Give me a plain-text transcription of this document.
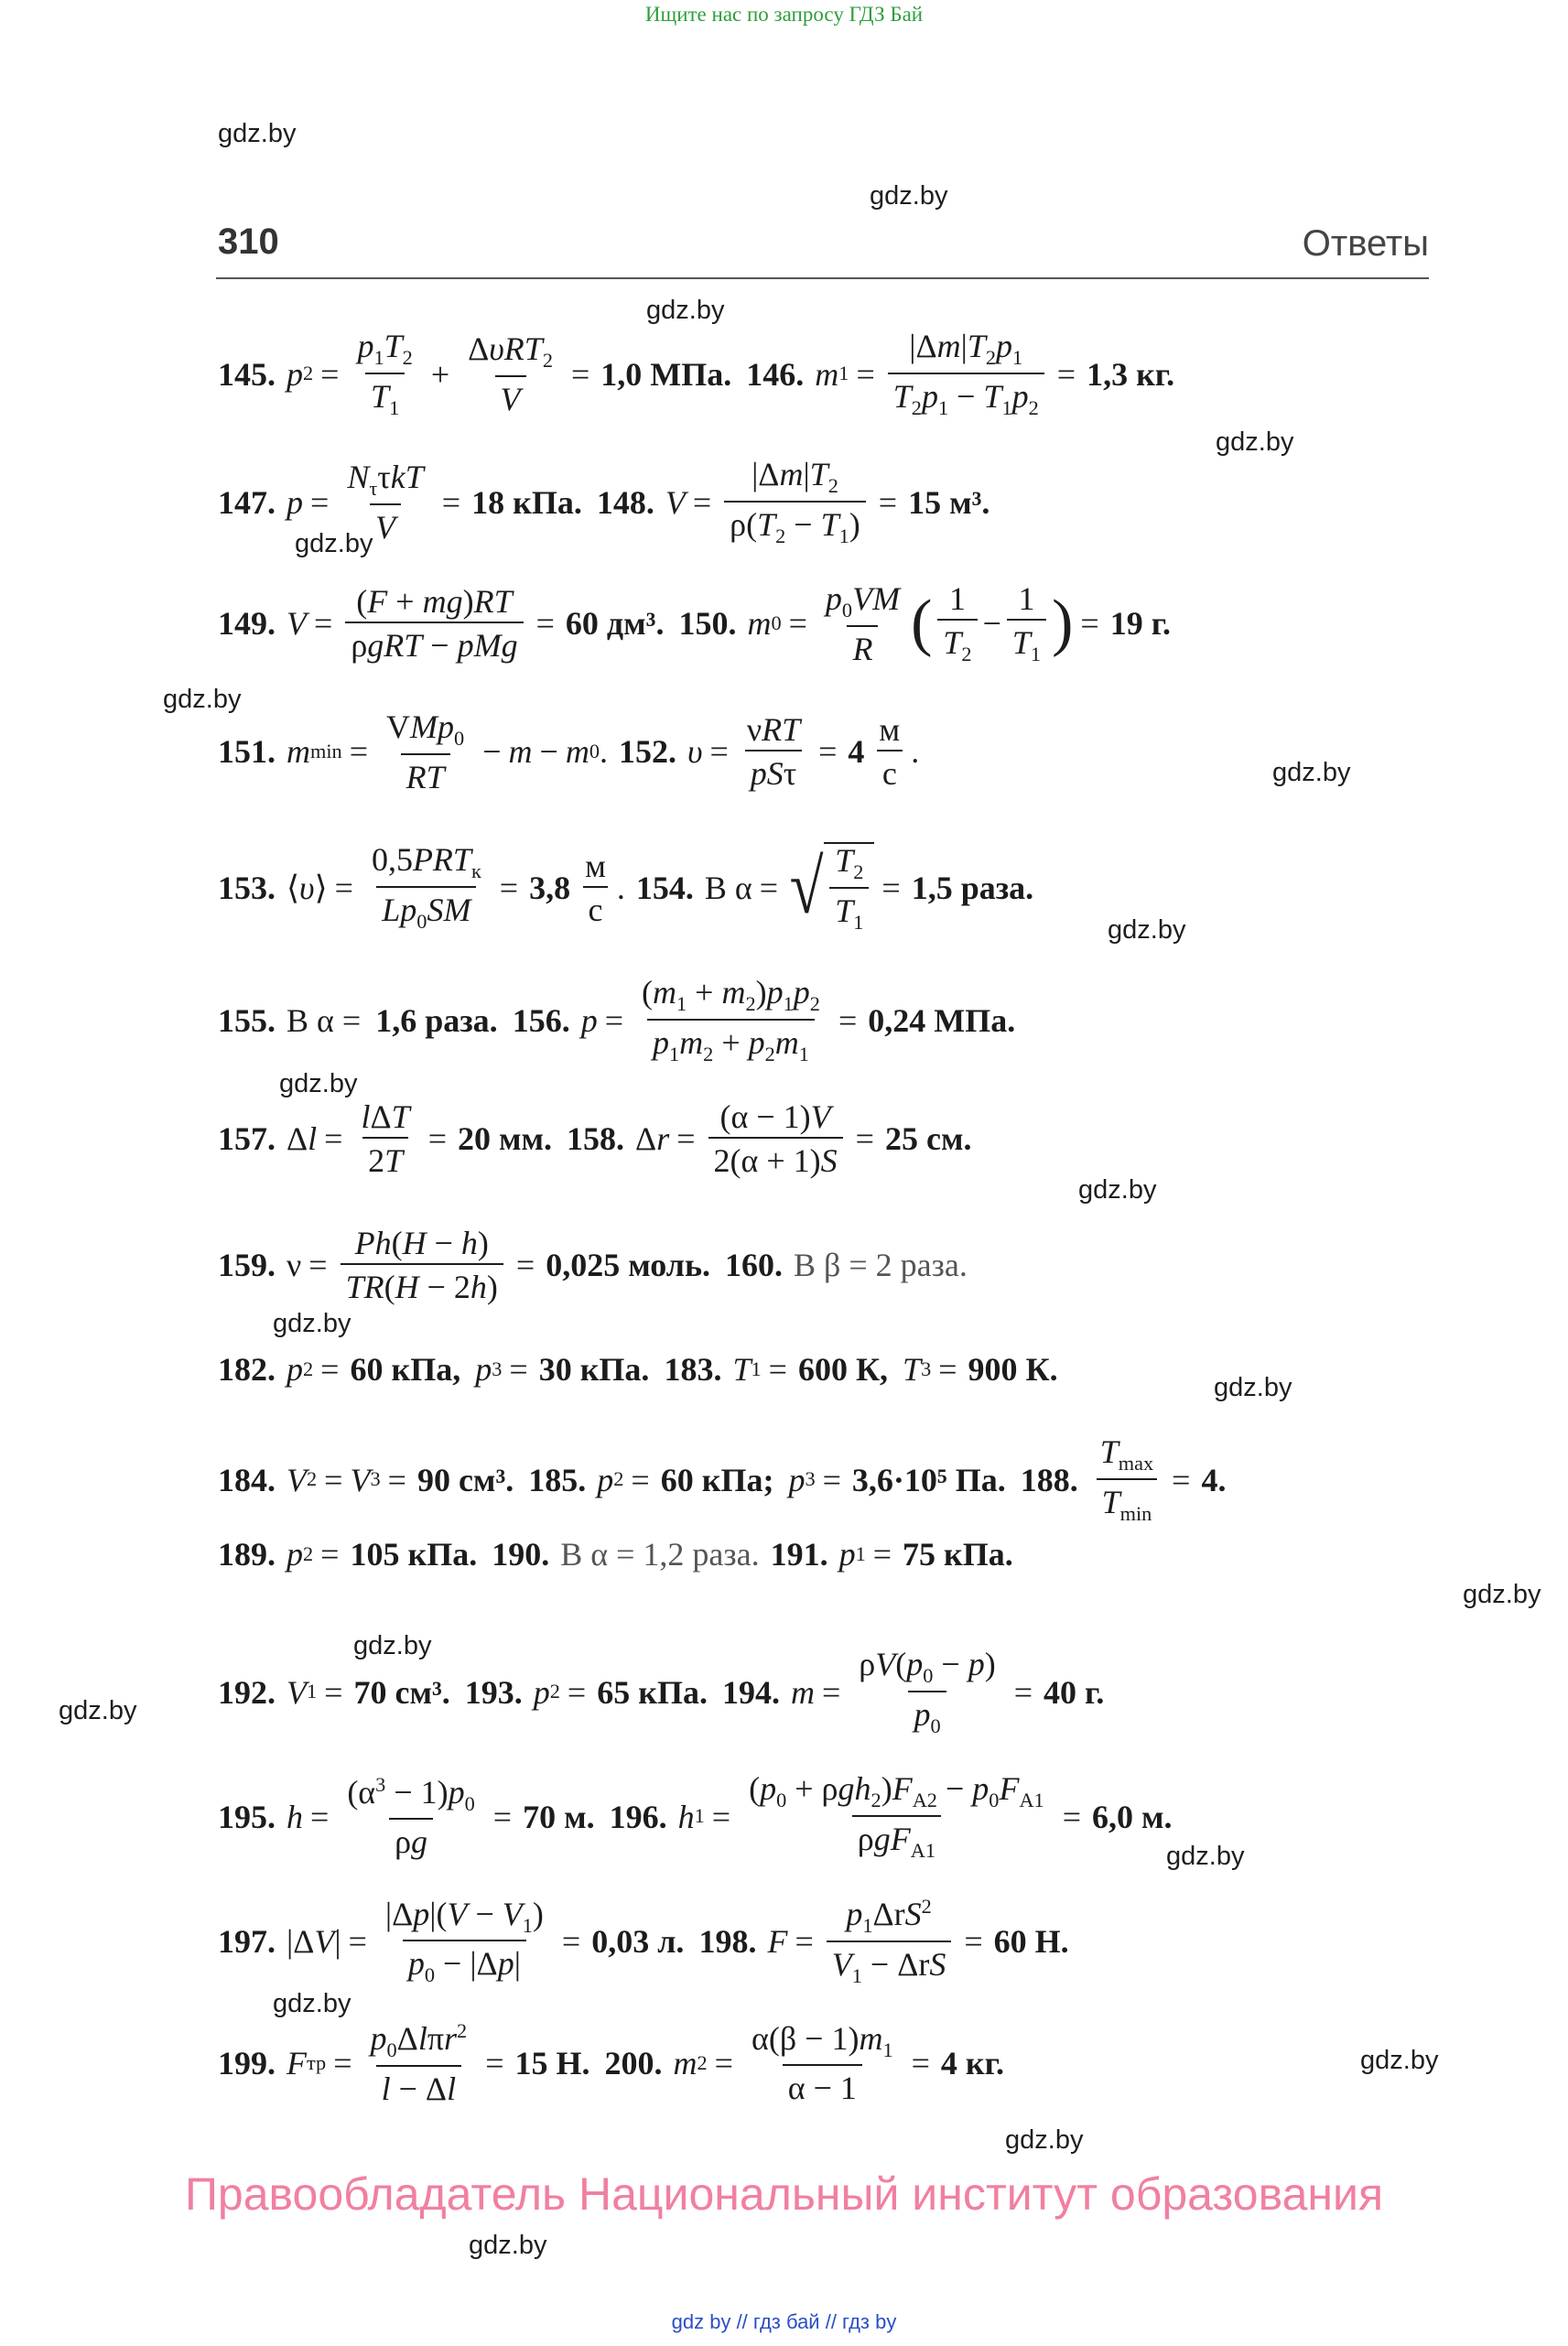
Ищите нас по запросу ГДЗ Бай
gdz.by
gdz.by
gdz.by
gdz.by
gdz.by
gdz.by
gdz.by
gdz.by
gdz.by
gdz.by
gdz.by
gdz.by
gdz.by
gdz.by
gdz.by
gdz.by
gdz.by
gdz.by
gdz.by
gdz.by
310	Ответы
145. p $2 = \frac{p_1T_2}{T_1} + \frac{\Delta\upsilon RT_2}{V} = 1,0$ МПа. 146. m $1 = \frac{|\Delta m|T_2p_1}{T_2p_1 - T_1p_2} = 1,3$ кг.
147. $p = \frac{N_\tau\tau kT}{V} = 18$ кПа. 148. $V = \frac{|\Delta m|T_2}{\rho(T_2 - T_1)} = 15$ м³.
149. $V = \frac{(F + mg)RT}{\text{ρgRT − pMg}} = 60$ дм³. 150. m $0 = \frac{p_0VM}{R}$ ( $\frac{1}{T_2} - \frac{1}{T_1}$ ) = 19 г.
151. m $\min = \frac{VMp_0}{RT} - m - m$ 0 . 152. $\upsilon = \frac{\text{νRT}}{\text{pSτ}} = 4 \frac{м}{с}$ .
153. ⟨ υ ⟩ = $\frac{0,5PRT_к}{Lp_0SM} = 3,8 \frac{м}{с}$ . 154. В α = √ $\frac{T_2}{T_1} = 1,5$ раза.
155. В α = 1,6 раза. 156. $p = \frac{(m_1 + m_2)p_1p_2}{p_1m_2 + p_2m_1} = 0,24$ МПа.
157. Δ $l = \frac{\text{lΔT}}{2T} = 20$ мм. 158. Δ $r = \frac{(\alpha - 1)V}{2(\alpha + 1)S} = 25$ см.
159. $\nu = \frac{Ph(H - h)}{TR(H - 2h)} = 0,025$ моль. 160. В β = 2 раза.
182. p 2 = 60 кПа, p 3 = 30 кПа. 183. T 1 = 600 К, T 3 = 900 К.
184. V 2 = V 3 = 90 см³. 185. p 2 = 60 кПа; p 3 = 3,6·10⁵ Па. 188. $\frac{T_{max}}{T_{min}} = 4$.
189. p 2 = 105 кПа. 190. В α = 1,2 раза. 191. p 1 = 75 кПа.
192. V 1 = 70 см³. 193. p 2 = 65 кПа. 194. $m = \frac{\rho V(p_0 - p)}{p_0} = 40$ г.
195. $h = \frac{(\alpha^3 - 1)p_0}{\rho g} = 70$ м. 196. h $1 = \frac{(p_0 + \rho gh_2)F_{A2} - p_0F_{A1}}{\rho gF_{A1}} = 6,0$ м.
197. |Δ V | = $\frac{|\Delta p|(V - V_1)}{p_0 - |\Delta p|} = 0,03$ л. 198. $F = \frac{p_1\Delta rS^2}{V_1 - \Delta rS} = 60$ Н.
199. F тр = $\frac{p_0\Delta l\pi r^2}{l - \Delta l} = 15$ Н. 200. m $2 = \frac{\alpha(\beta - 1)m_1}{\alpha - 1} = 4$ кг.
Правообладатель Национальный институт образования
gdz by // гдз бай // гдз by
